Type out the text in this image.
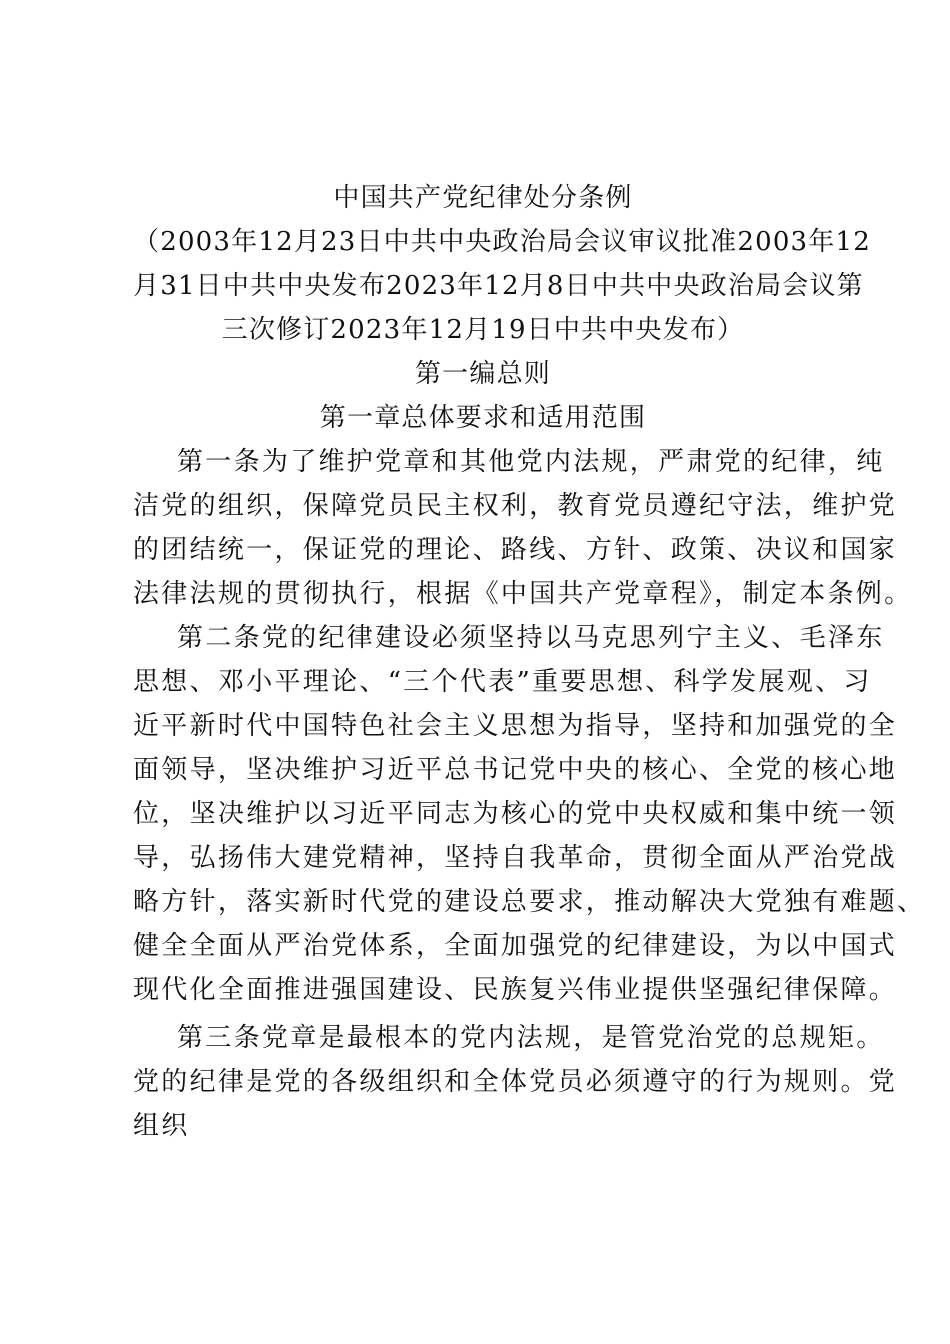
中国共产党纪律处分条例
（2003年12月23日中共中央政治局会议审议批准2003年12
月31日中共中央发布2023年12月8日中共中央政治局会议第
三次修订2023年12月19日中共中央发布）
第一编总则
第一章总体要求和适用范围
第一条为了维护党章和其他党内法规，严肃党的纪律，纯
洁党的组织，保障党员民主权利，教育党员遵纪守法，维护党
的团结统一，保证党的理论、路线、方针、政策、决议和国家
法律法规的贯彻执行，根据《中国共产党章程》，制定本条例。
第二条党的纪律建设必须坚持以马克思列宁主义、毛泽东
思想、邓小平理论、“三个代表”重要思想、科学发展观、习
近平新时代中国特色社会主义思想为指导，坚持和加强党的全
面领导，坚决维护习近平总书记党中央的核心、全党的核心地
位，坚决维护以习近平同志为核心的党中央权威和集中统一领
导，弘扬伟大建党精神，坚持自我革命，贯彻全面从严治党战
略方针，落实新时代党的建设总要求，推动解决大党独有难题、
健全全面从严治党体系，全面加强党的纪律建设，为以中国式
现代化全面推进强国建设、民族复兴伟业提供坚强纪律保障。
第三条党章是最根本的党内法规，是管党治党的总规矩。
党的纪律是党的各级组织和全体党员必须遵守的行为规则。党
组织
